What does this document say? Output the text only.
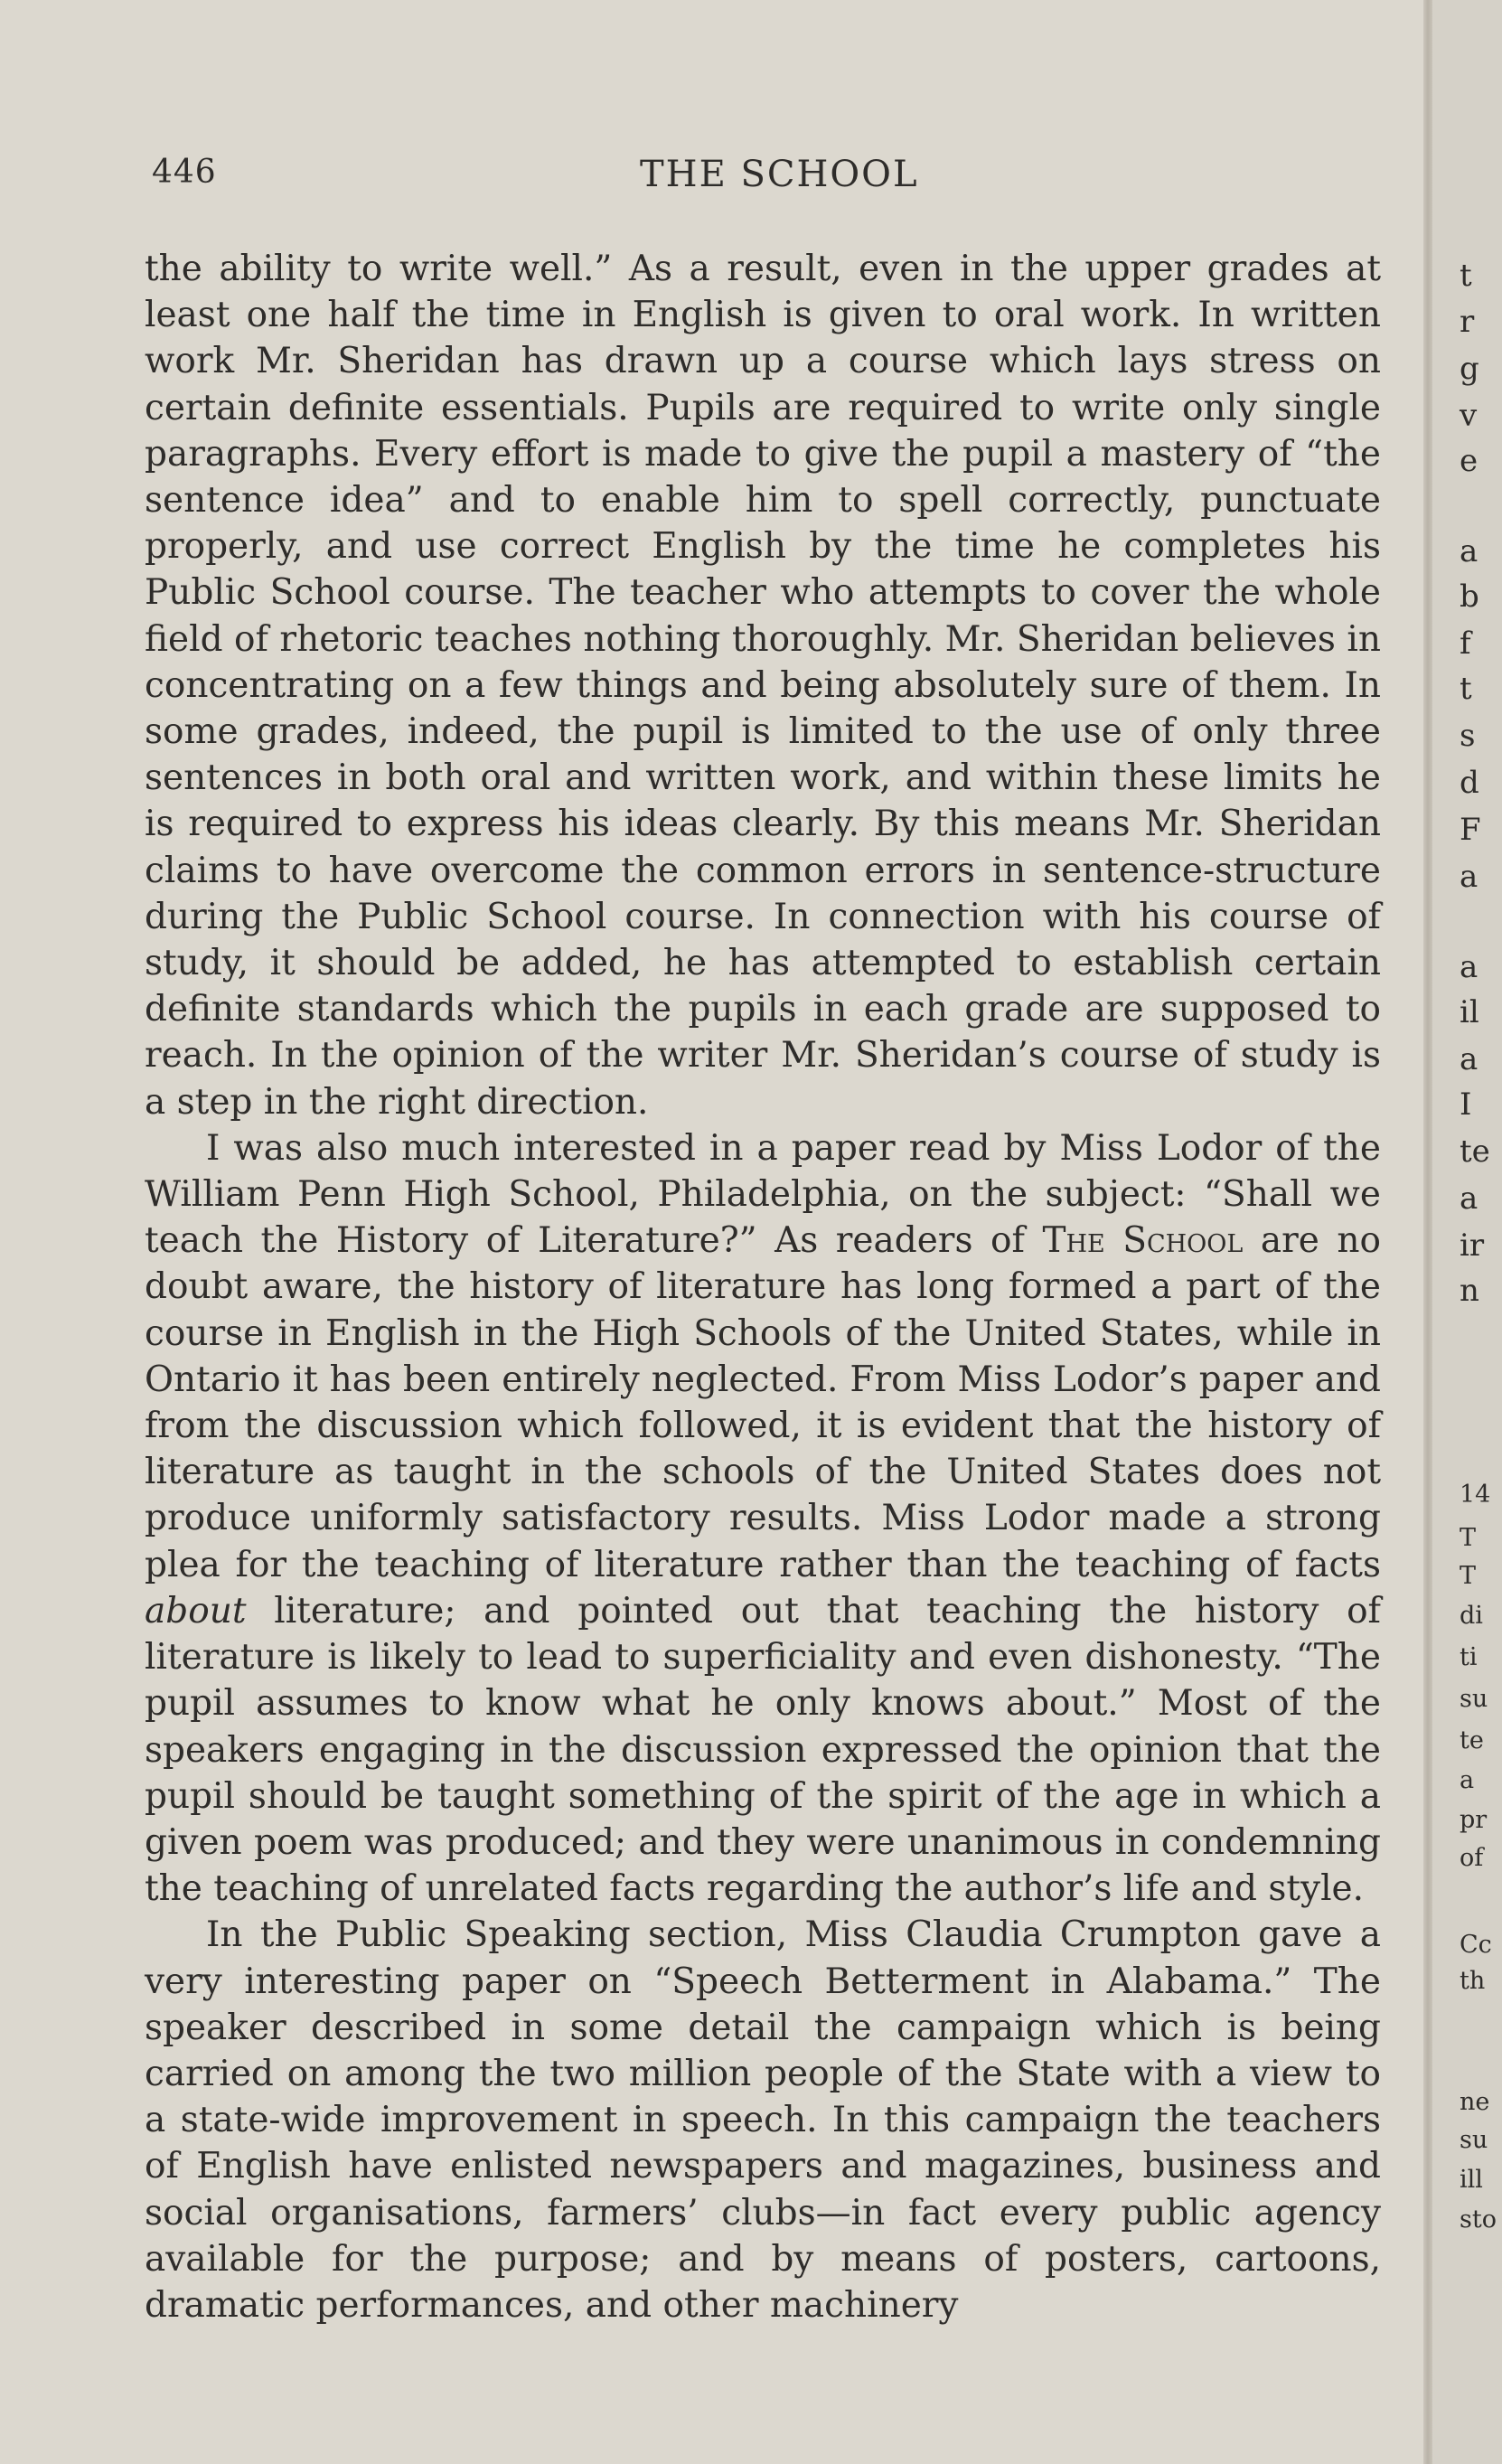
446	THE SCHOOL

the ability to write well.” As a result, even in the upper grades at least one half the time in English is given to oral work. In written work Mr. Sheridan has drawn up a course which lays stress on certain definite essentials. Pupils are required to write only single paragraphs. Every effort is made to give the pupil a mastery of “the sentence idea” and to enable him to spell correctly, punctuate properly, and use correct English by the time he completes his Public School course. The teacher who attempts to cover the whole field of rhetoric teaches nothing thoroughly. Mr. Sheridan believes in concentrating on a few things and being absolutely sure of them. In some grades, indeed, the pupil is limited to the use of only three sentences in both oral and written work, and within these limits he is required to express his ideas clearly. By this means Mr. Sheridan claims to have overcome the common errors in sentence-structure during the Public School course. In connection with his course of study, it should be added, he has attempted to establish certain definite standards which the pupils in each grade are supposed to reach. In the opinion of the writer Mr. Sheridan’s course of study is a step in the right direction.

I was also much interested in a paper read by Miss Lodor of the William Penn High School, Philadelphia, on the subject: “Shall we teach the History of Literature?” As readers of The School are no doubt aware, the history of literature has long formed a part of the course in English in the High Schools of the United States, while in Ontario it has been entirely neglected. From Miss Lodor’s paper and from the discussion which followed, it is evident that the history of literature as taught in the schools of the United States does not produce uniformly satisfactory results. Miss Lodor made a strong plea for the teaching of literature rather than the teaching of facts about literature; and pointed out that teaching the history of literature is likely to lead to superficiality and even dishonesty. “The pupil assumes to know what he only knows about.” Most of the speakers engaging in the discussion expressed the opinion that the pupil should be taught something of the spirit of the age in which a given poem was produced; and they were unanimous in condemning the teaching of unrelated facts regarding the author’s life and style.

In the Public Speaking section, Miss Claudia Crumpton gave a very interesting paper on “Speech Betterment in Alabama.” The speaker described in some detail the campaign which is being carried on among the two million people of the State with a view to a state-wide improvement in speech. In this campaign the teachers of English have enlisted newspapers and magazines, business and social organisations, farmers’ clubs—in fact every public agency available for the purpose; and by means of posters, cartoons, dramatic performances, and other machinery

t
r
g
v
e
a
b
f
t
s
d
F
a
a
il
a
I
te
a
ir
n
14
T
T
di
ti
su
te
a
pr
of
Cc
th
ne
su
ill
sto
